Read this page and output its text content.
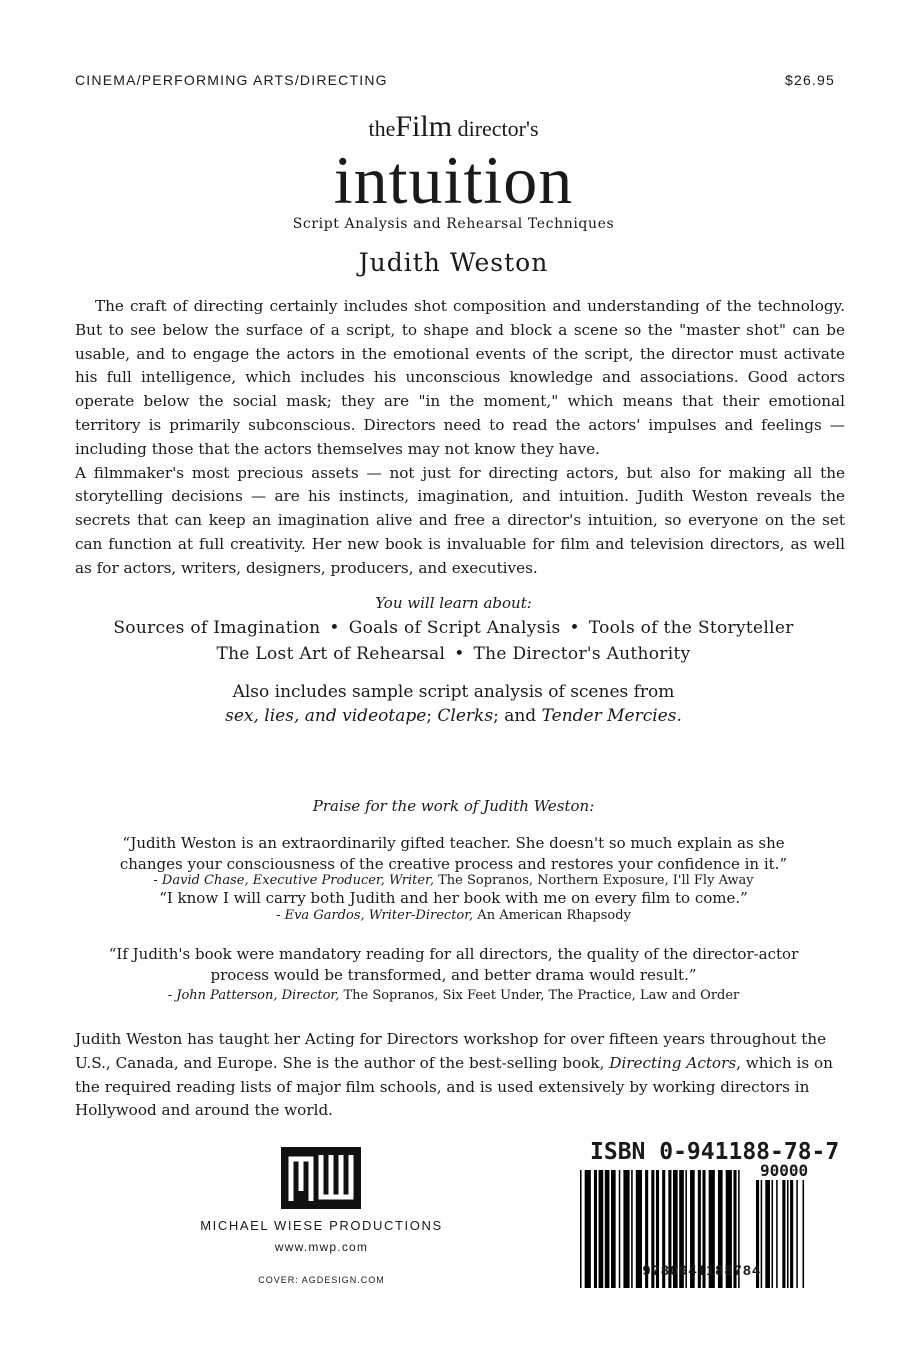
CINEMA/PERFORMING ARTS/DIRECTING	$26.95
theFilm director's
intuition
Script Analysis and Rehearsal Techniques
Judith Weston

The craft of directing certainly includes shot composition and understanding of the technology. But to see below the surface of a script, to shape and block a scene so the "master shot" can be usable, and to engage the actors in the emotional events of the script, the director must activate his full intelligence, which includes his unconscious knowledge and associations. Good actors operate below the social mask; they are "in the moment," which means that their emotional territory is primarily subconscious. Directors need to read the actors' impulses and feelings — including those that the actors themselves may not know they have.

A filmmaker's most precious assets — not just for directing actors, but also for making all the storytelling decisions — are his instincts, imagination, and intuition. Judith Weston reveals the secrets that can keep an imagination alive and free a director's intuition, so everyone on the set can function at full creativity. Her new book is invaluable for film and television directors, as well as for actors, writers, designers, producers, and executives.

You will learn about:
Sources of Imagination • Goals of Script Analysis • Tools of the Storyteller
The Lost Art of Rehearsal • The Director's Authority
Also includes sample script analysis of scenes from
sex, lies, and videotape; Clerks; and Tender Mercies.
Praise for the work of Judith Weston:
“Judith Weston is an extraordinarily gifted teacher. She doesn't so much explain as she
changes your consciousness of the creative process and restores your confidence in it.”
- David Chase, Executive Producer, Writer, The Sopranos, Northern Exposure, I'll Fly Away
“I know I will carry both Judith and her book with me on every film to come.”
- Eva Gardos, Writer-Director, An American Rhapsody
“If Judith's book were mandatory reading for all directors, the quality of the director-actor
process would be transformed, and better drama would result.”
- John Patterson, Director, The Sopranos, Six Feet Under, The Practice, Law and Order

Judith Weston has taught her Acting for Directors workshop for over fifteen years throughout the U.S., Canada, and Europe. She is the author of the best-selling book, Directing Actors, which is on the required reading lists of major film schools, and is used extensively by working directors in Hollywood and around the world.

MICHAEL WIESE PRODUCTIONS
www.mwp.com
COVER: AGDESIGN.COM
ISBN 0-941188-78-7
90000
9780941188784
